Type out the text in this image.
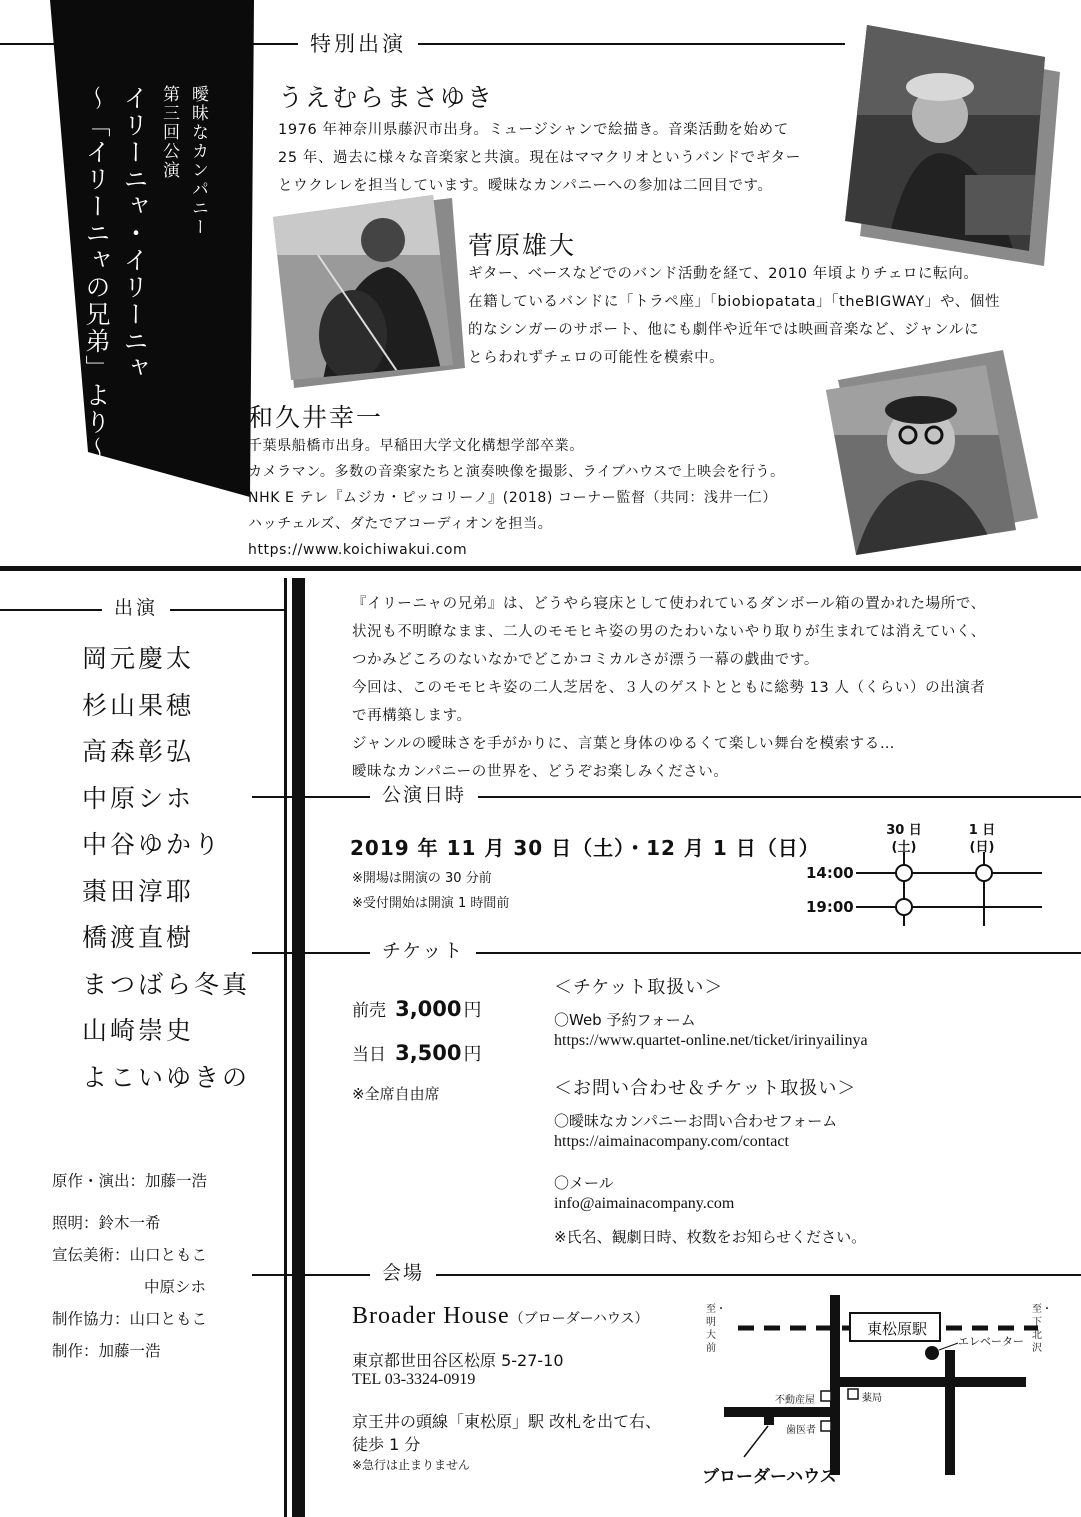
特別出演
曖昧なカンパニー
第三回公演
イリーニャ・イリーニャ
〜「イリーニャの兄弟」より〜	うえむらまさゆき
1976 年神奈川県藤沢市出身。ミュージシャンで絵描き。音楽活動を始めて
25 年、過去に様々な音楽家と共演。現在はママクリオというバンドでギター
とウクレレを担当しています。曖昧なカンパニーへの参加は二回目です。
菅原雄大
ギター、ベースなどでのバンド活動を経て、2010 年頃よりチェロに転向。
在籍しているバンドに「トラペ座」「biobiopatata」「theBIGWAY」や、個性
的なシンガーのサポート、他にも劇伴や近年では映画音楽など、ジャンルに
とらわれずチェロの可能性を模索中。
和久井幸一
千葉県船橋市出身。早稲田大学文化構想学部卒業。
カメラマン。多数の音楽家たちと演奏映像を撮影、ライブハウスで上映会を行う。
NHK E テレ『ムジカ・ピッコリーノ』(2018) コーナー監督（共同：浅井一仁）
ハッチェルズ、ダたでアコーディオンを担当。
https://www.koichiwakui.com
出演
岡元慶太
杉山果穂
高森彰弘
中原シホ
中谷ゆかり
棗田淳耶
橋渡直樹
まつばら冬真
山崎崇史
よこいゆきの
原作・演出：加藤一浩
照明：鈴木一希
宣伝美術：山口ともこ
中原シホ
制作協力：山口ともこ
制作：加藤一浩
『イリーニャの兄弟』は、どうやら寝床として使われているダンボール箱の置かれた場所で、
状況も不明瞭なまま、二人のモモヒキ姿の男のたわいないやり取りが生まれては消えていく、
つかみどころのないなかでどこかコミカルさが漂う一幕の戯曲です。
今回は、このモモヒキ姿の二人芝居を、３人のゲストとともに総勢 13 人（くらい）の出演者
で再構築します。
ジャンルの曖昧さを手がかりに、言葉と身体のゆるくて楽しい舞台を模索する…
曖昧なカンパニーの世界を、どうぞお楽しみください。
公演日時
2019 年 11 月 30 日（土）・12 月 1 日（日）
※開場は開演の 30 分前
※受付開始は開演 1 時間前
30 日
(土)
1 日
(日)
14:00
19:00
チケット
前売 3,000 円
当日 3,500 円
※全席自由席
＜チケット取扱い＞
〇Web 予約フォーム
https://www.quartet-online.net/ticket/irinyailinya
＜お問い合わせ＆チケット取扱い＞
〇曖昧なカンパニーお問い合わせフォーム
https://aimainacompany.com/contact
〇メール
info@aimainacompany.com
※氏名、観劇日時、枚数をお知らせください。
会場
Broader House（ブローダーハウス）
東京都世田谷区松原 5-27-10
TEL 03-3324-0919
京王井の頭線「東松原」駅 改札を出て右、
徒歩 1 分
※急行は止まりません
東松原駅
至・明大前
至・下北沢
エレベーター
不動産屋	薬局
歯医者
ブローダーハウス
